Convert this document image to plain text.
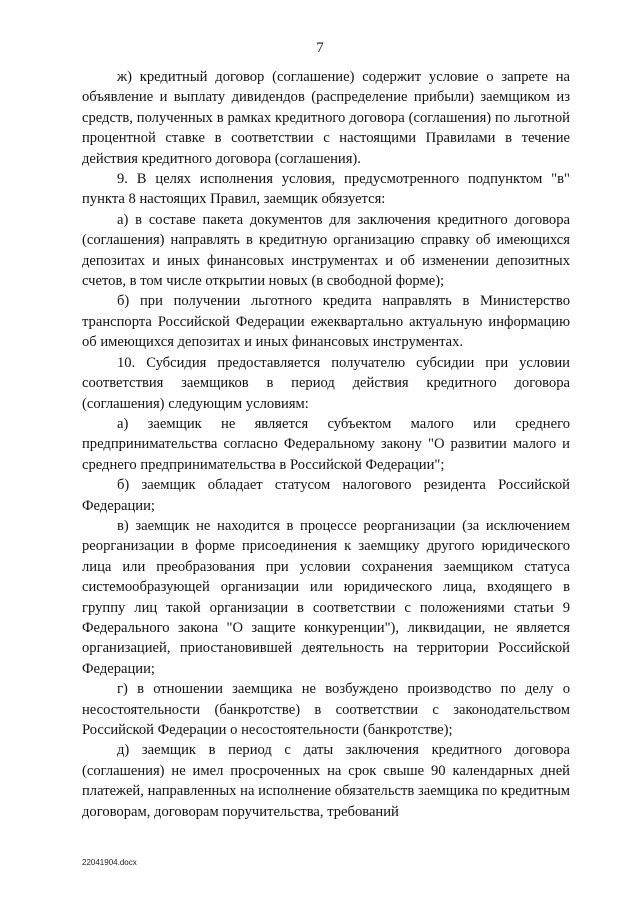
7

ж) кредитный договор (соглашение) содержит условие о запрете на объявление и выплату дивидендов (распределение прибыли) заемщиком из средств, полученных в рамках кредитного договора (соглашения) по льготной процентной ставке в соответствии с настоящими Правилами в течение действия кредитного договора (соглашения).

9. В целях исполнения условия, предусмотренного подпунктом "в" пункта 8 настоящих Правил, заемщик обязуется:

а) в составе пакета документов для заключения кредитного договора (соглашения) направлять в кредитную организацию справку об имеющихся депозитах и иных финансовых инструментах и об изменении депозитных счетов, в том числе открытии новых (в свободной форме);

б) при получении льготного кредита направлять в Министерство транспорта Российской Федерации ежеквартально актуальную информацию об имеющихся депозитах и иных финансовых инструментах.

10. Субсидия предоставляется получателю субсидии при условии соответствия заемщиков в период действия кредитного договора (соглашения) следующим условиям:

а) заемщик не является субъектом малого или среднего предпринимательства согласно Федеральному закону "О развитии малого и среднего предпринимательства в Российской Федерации";

б) заемщик обладает статусом налогового резидента Российской Федерации;

в) заемщик не находится в процессе реорганизации (за исключением реорганизации в форме присоединения к заемщику другого юридического лица или преобразования при условии сохранения заемщиком статуса системообразующей организации или юридического лица, входящего в группу лиц такой организации в соответствии с положениями статьи 9 Федерального закона "О защите конкуренции"), ликвидации, не является организацией, приостановившей деятельность на территории Российской Федерации;

г) в отношении заемщика не возбуждено производство по делу о несостоятельности (банкротстве) в соответствии с законодательством Российской Федерации о несостоятельности (банкротстве);

д) заемщик в период с даты заключения кредитного договора (соглашения) не имел просроченных на срок свыше 90 календарных дней платежей, направленных на исполнение обязательств заемщика по кредитным договорам, договорам поручительства, требований

22041904.docx
